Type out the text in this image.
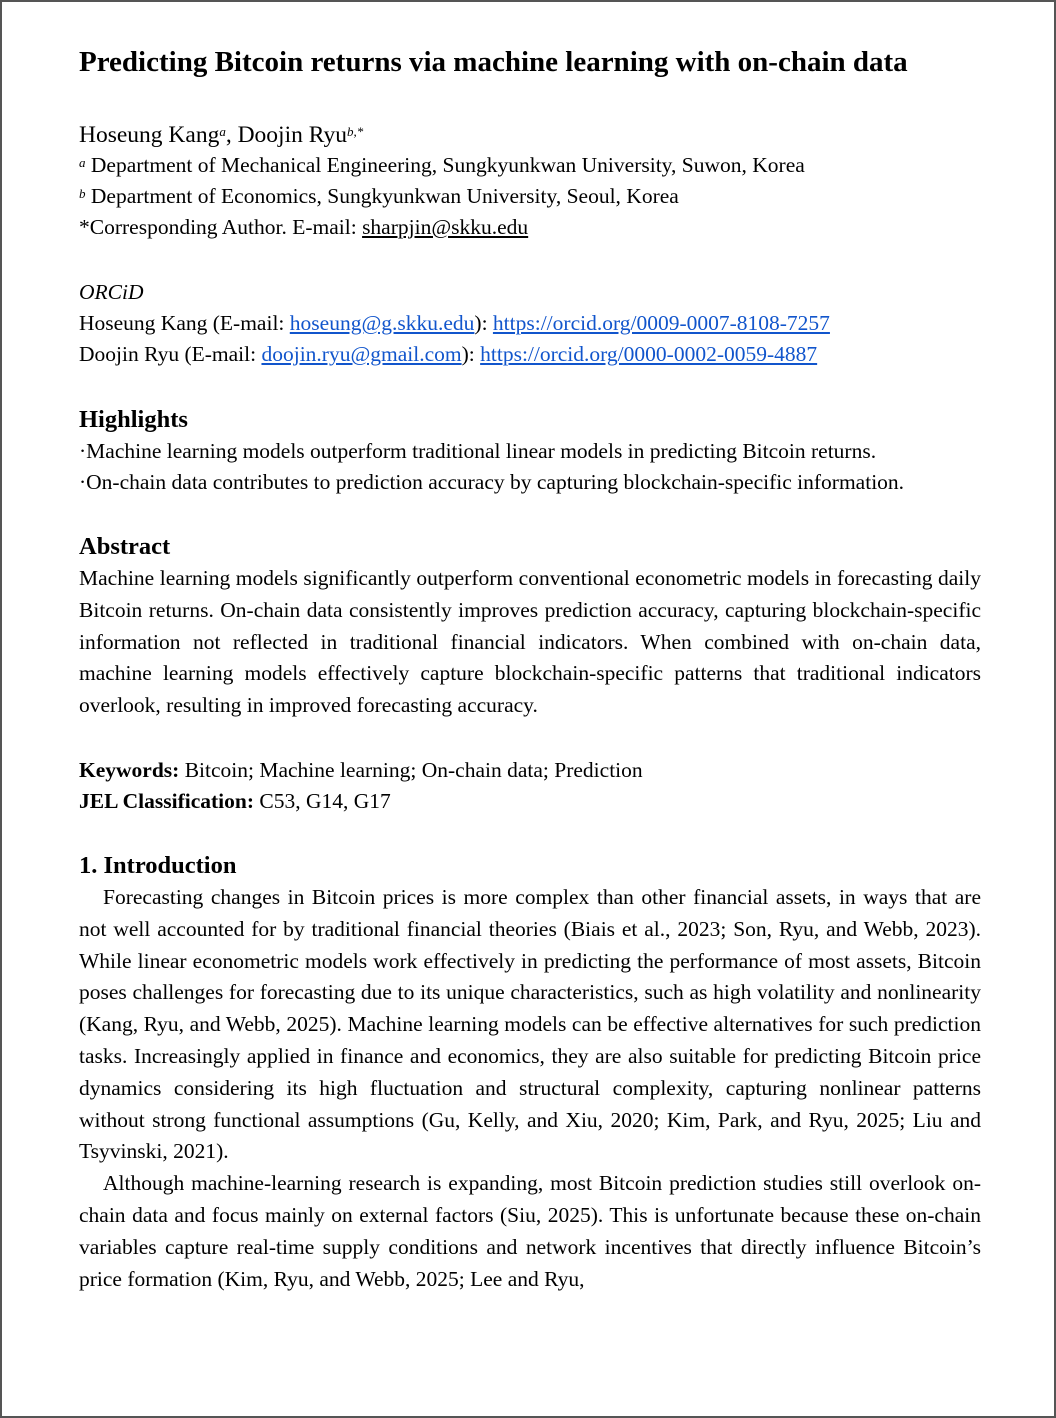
Predicting Bitcoin returns via machine learning with on-chain data
Hoseung Kang$^a$, Doojin Ryu$^{b,*}$
$^a$ Department of Mechanical Engineering, Sungkyunkwan University, Suwon, Korea
$^b$ Department of Economics, Sungkyunkwan University, Seoul, Korea
*Corresponding Author. E-mail: sharpjin@skku.edu
ORCiD
Hoseung Kang (E-mail: hoseung@g.skku.edu): https://orcid.org/0009-0007-8108-7257
Doojin Ryu (E-mail: doojin.ryu@gmail.com): https://orcid.org/0000-0002-0059-4887
Highlights
·Machine learning models outperform traditional linear models in predicting Bitcoin returns.
·On-chain data contributes to prediction accuracy by capturing blockchain-specific information.
Abstract
Machine learning models significantly outperform conventional econometric models in forecasting daily Bitcoin returns. On-chain data consistently improves prediction accuracy, capturing blockchain-specific information not reflected in traditional financial indicators. When combined with on-chain data, machine learning models effectively capture blockchain-specific patterns that traditional indicators overlook, resulting in improved forecasting accuracy.
Keywords: Bitcoin; Machine learning; On-chain data; Prediction
JEL Classification: C53, G14, G17
1. Introduction
Forecasting changes in Bitcoin prices is more complex than other financial assets, in ways that are not well accounted for by traditional financial theories (Biais et al., 2023; Son, Ryu, and Webb, 2023). While linear econometric models work effectively in predicting the performance of most assets, Bitcoin poses challenges for forecasting due to its unique characteristics, such as high volatility and nonlinearity (Kang, Ryu, and Webb, 2025). Machine learning models can be effective alternatives for such prediction tasks. Increasingly applied in finance and economics, they are also suitable for predicting Bitcoin price dynamics considering its high fluctuation and structural complexity, capturing nonlinear patterns without strong functional assumptions (Gu, Kelly, and Xiu, 2020; Kim, Park, and Ryu, 2025; Liu and Tsyvinski, 2021).
Although machine-learning research is expanding, most Bitcoin prediction studies still overlook on-chain data and focus mainly on external factors (Siu, 2025). This is unfortunate because these on-chain variables capture real-time supply conditions and network incentives that directly influence Bitcoin’s price formation (Kim, Ryu, and Webb, 2025; Lee and Ryu,
